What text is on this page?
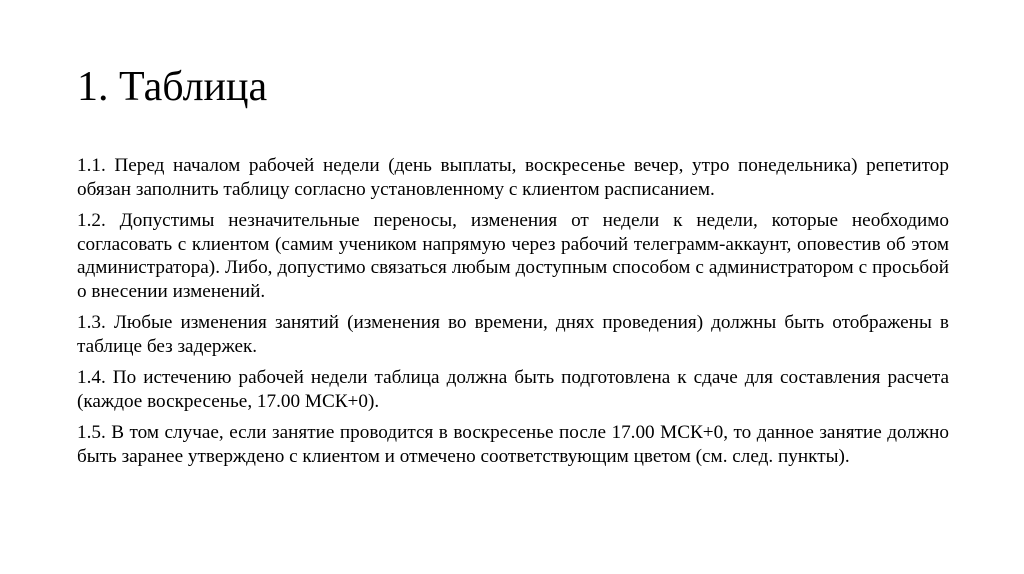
1. Таблица

1.1. Перед началом рабочей недели (день выплаты, воскресенье вечер, утро понедельника) репетитор обязан заполнить таблицу согласно установленному с клиентом расписанием.

1.2. Допустимы незначительные переносы, изменения от недели к недели, которые необходимо согласовать с клиентом (самим учеником напрямую через рабочий телеграмм-аккаунт, оповестив об этом администратора). Либо, допустимо связаться любым доступным способом с администратором с просьбой о внесении изменений.

1.3. Любые изменения занятий (изменения во времени, днях проведения) должны быть отображены в таблице без задержек.

1.4. По истечению рабочей недели таблица должна быть подготовлена к сдаче для составления расчета (каждое воскресенье, 17.00 МСК+0).

1.5. В том случае, если занятие проводится в воскресенье после 17.00 МСК+0, то данное занятие должно быть заранее утверждено с клиентом и отмечено соответствующим цветом (см. след. пункты).
